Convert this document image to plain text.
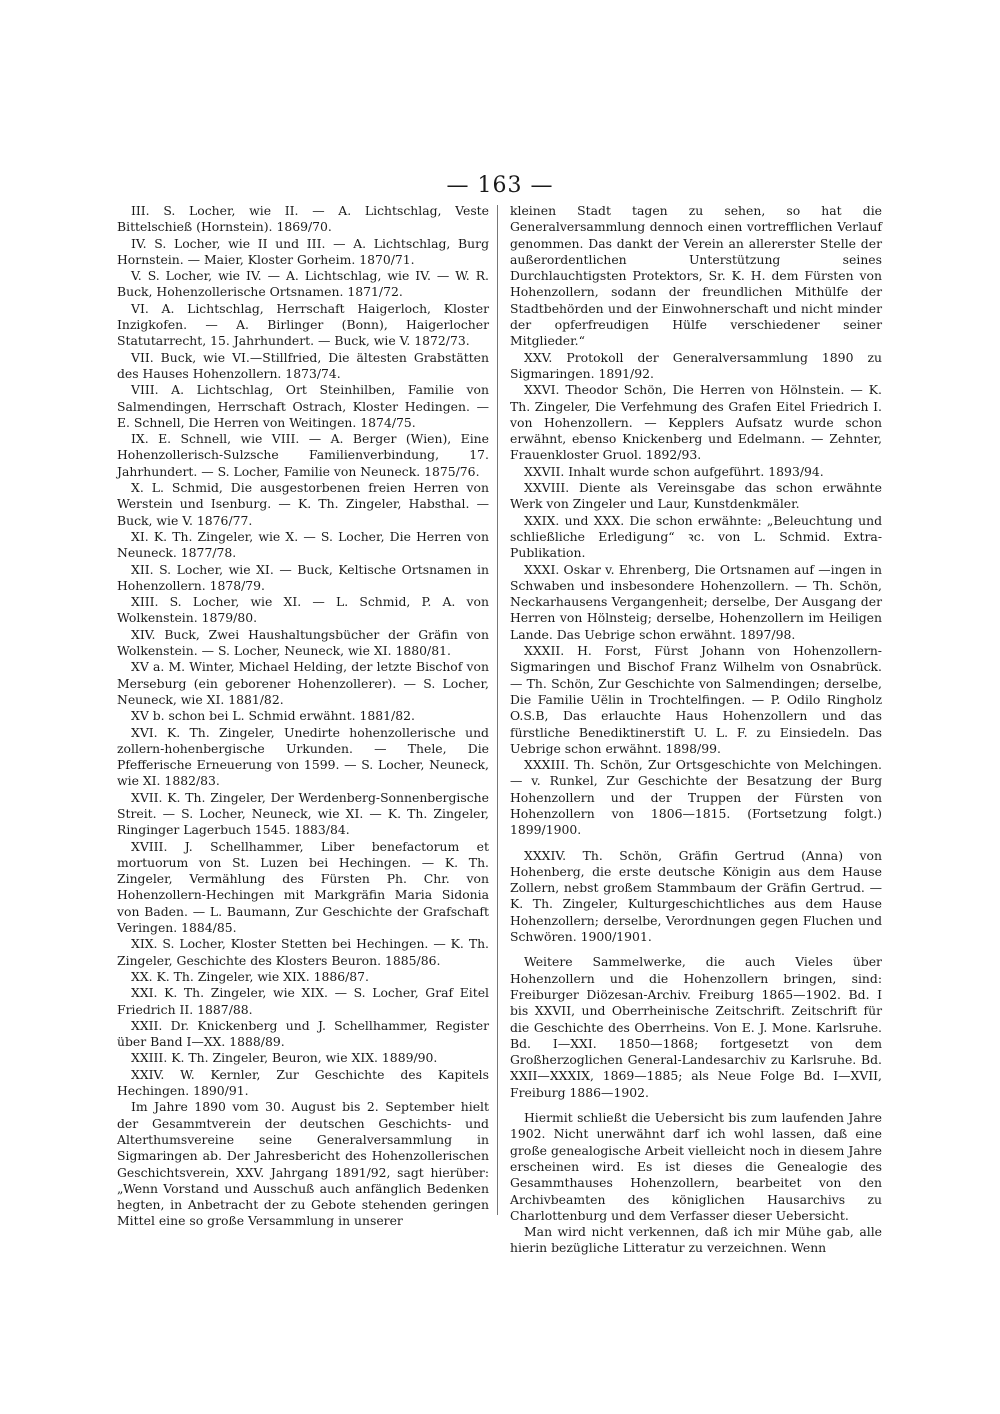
— 163 —

III. S. Locher, wie II. — A. Lichtschlag, Veste Bittelschieß (Hornstein). 1869/70.

IV. S. Locher, wie II und III. — A. Lichtschlag, Burg Hornstein. — Maier, Kloster Gorheim. 1870/71.

V. S. Locher, wie IV. — A. Lichtschlag, wie IV. — W. R. Buck, Hohenzollerische Ortsnamen. 1871/72.

VI. A. Lichtschlag, Herrschaft Haigerloch, Kloster Inzigkofen. — A. Birlinger (Bonn), Haigerlocher Statutarrecht, 15. Jahrhundert. — Buck, wie V. 1872/73.

VII. Buck, wie VI.—Stillfried, Die ältesten Grabstätten des Hauses Hohenzollern. 1873/74.

VIII. A. Lichtschlag, Ort Steinhilben, Familie von Salmendingen, Herrschaft Ostrach, Kloster Hedingen. — E. Schnell, Die Herren von Weitingen. 1874/75.

IX. E. Schnell, wie VIII. — A. Berger (Wien), Eine Hohenzollerisch-Sulzsche Familienverbindung, 17. Jahrhundert. — S. Locher, Familie von Neuneck. 1875/76.

X. L. Schmid, Die ausgestorbenen freien Herren von Werstein und Isenburg. — K. Th. Zingeler, Habsthal. — Buck, wie V. 1876/77.

XI. K. Th. Zingeler, wie X. — S. Locher, Die Herren von Neuneck. 1877/78.

XII. S. Locher, wie XI. — Buck, Keltische Ortsnamen in Hohenzollern. 1878/79.

XIII. S. Locher, wie XI. — L. Schmid, P. A. von Wolkenstein. 1879/80.

XIV. Buck, Zwei Haushaltungsbücher der Gräfin von Wolkenstein. — S. Locher, Neuneck, wie XI. 1880/81.

XV a. M. Winter, Michael Helding, der letzte Bischof von Merseburg (ein geborener Hohenzollerer). — S. Locher, Neuneck, wie XI. 1881/82.

XV b. schon bei L. Schmid erwähnt. 1881/82.

XVI. K. Th. Zingeler, Unedirte hohenzollerische und zollern-hohenbergische Urkunden. — Thele, Die Pfefferische Erneuerung von 1599. — S. Locher, Neuneck, wie XI. 1882/83.

XVII. K. Th. Zingeler, Der Werdenberg-Sonnenbergische Streit. — S. Locher, Neuneck, wie XI. — K. Th. Zingeler, Ringinger Lagerbuch 1545. 1883/84.

XVIII. J. Schellhammer, Liber benefactorum et mortuorum von St. Luzen bei Hechingen. — K. Th. Zingeler, Vermählung des Fürsten Ph. Chr. von Hohenzollern-Hechingen mit Markgräfin Maria Sidonia von Baden. — L. Baumann, Zur Geschichte der Grafschaft Veringen. 1884/85.

XIX. S. Locher, Kloster Stetten bei Hechingen. — K. Th. Zingeler, Geschichte des Klosters Beuron. 1885/86.

XX. K. Th. Zingeler, wie XIX. 1886/87.

XXI. K. Th. Zingeler, wie XIX. — S. Locher, Graf Eitel Friedrich II. 1887/88.

XXII. Dr. Knickenberg und J. Schellhammer, Register über Band I—XX. 1888/89.

XXIII. K. Th. Zingeler, Beuron, wie XIX. 1889/90.

XXIV. W. Kernler, Zur Geschichte des Kapitels Hechingen. 1890/91.

Im Jahre 1890 vom 30. August bis 2. September hielt der Gesammtverein der deutschen Geschichts- und Alterthumsvereine seine Generalversammlung in Sigmaringen ab. Der Jahresbericht des Hohenzollerischen Geschichtsverein, XXV. Jahrgang 1891/92, sagt hierüber: „Wenn Vorstand und Ausschuß auch anfänglich Bedenken hegten, in Anbetracht der zu Gebote stehenden geringen Mittel eine so große Versammlung in unserer

kleinen Stadt tagen zu sehen, so hat die Generalversammlung dennoch einen vortrefflichen Verlauf genommen. Das dankt der Verein an allererster Stelle der außerordentlichen Unterstützung seines Durchlauchtigsten Protektors, Sr. K. H. dem Fürsten von Hohenzollern, sodann der freundlichen Mithülfe der Stadtbehörden und der Einwohnerschaft und nicht minder der opferfreudigen Hülfe verschiedener seiner Mitglieder.“

XXV. Protokoll der Generalversammlung 1890 zu Sigmaringen. 1891/92.

XXVI. Theodor Schön, Die Herren von Hölnstein. — K. Th. Zingeler, Die Verfehmung des Grafen Eitel Friedrich I. von Hohenzollern. — Kepplers Aufsatz wurde schon erwähnt, ebenso Knickenberg und Edelmann. — Zehnter, Frauenkloster Gruol. 1892/93.

XXVII. Inhalt wurde schon aufgeführt. 1893/94.

XXVIII. Diente als Vereinsgabe das schon erwähnte Werk von Zingeler und Laur, Kunstdenkmäler.

XXIX. und XXX. Die schon erwähnte: „Beleuchtung und schließliche Erledigung“ ꝛc. von L. Schmid. Extra-Publikation.

XXXI. Oskar v. Ehrenberg, Die Ortsnamen auf —ingen in Schwaben und insbesondere Hohenzollern. — Th. Schön, Neckarhausens Vergangenheit; derselbe, Der Ausgang der Herren von Hölnsteig; derselbe, Hohenzollern im Heiligen Lande. Das Uebrige schon erwähnt. 1897/98.

XXXII. H. Forst, Fürst Johann von Hohenzollern-Sigmaringen und Bischof Franz Wilhelm von Osnabrück. — Th. Schön, Zur Geschichte von Salmendingen; derselbe, Die Familie Uëlin in Trochtelfingen. — P. Odilo Ringholz O.S.B, Das erlauchte Haus Hohenzollern und das fürstliche Benediktinerstift U. L. F. zu Einsiedeln. Das Uebrige schon erwähnt. 1898/99.

XXXIII. Th. Schön, Zur Ortsgeschichte von Melchingen. — v. Runkel, Zur Geschichte der Besatzung der Burg Hohenzollern und der Truppen der Fürsten von Hohenzollern von 1806—1815. (Fortsetzung folgt.) 1899/1900.

XXXIV. Th. Schön, Gräfin Gertrud (Anna) von Hohenberg, die erste deutsche Königin aus dem Hause Zollern, nebst großem Stammbaum der Gräfin Gertrud. — K. Th. Zingeler, Kulturgeschichtliches aus dem Hause Hohenzollern; derselbe, Verordnungen gegen Fluchen und Schwören. 1900/1901.

Weitere Sammelwerke, die auch Vieles über Hohenzollern und die Hohenzollern bringen, sind: Freiburger Diözesan-Archiv. Freiburg 1865—1902. Bd. I bis XXVII, und Oberrheinische Zeitschrift. Zeitschrift für die Geschichte des Oberrheins. Von E. J. Mone. Karlsruhe. Bd. I—XXI. 1850—1868; fortgesetzt von dem Großherzoglichen General-Landesarchiv zu Karlsruhe. Bd. XXII—XXXIX, 1869—1885; als Neue Folge Bd. I—XVII, Freiburg 1886—1902.

Hiermit schließt die Uebersicht bis zum laufenden Jahre 1902. Nicht unerwähnt darf ich wohl lassen, daß eine große genealogische Arbeit vielleicht noch in diesem Jahre erscheinen wird. Es ist dieses die Genealogie des Gesammthauses Hohenzollern, bearbeitet von den Archivbeamten des königlichen Hausarchivs zu Charlottenburg und dem Verfasser dieser Uebersicht.

Man wird nicht verkennen, daß ich mir Mühe gab, alle hierin bezügliche Litteratur zu verzeichnen. Wenn
